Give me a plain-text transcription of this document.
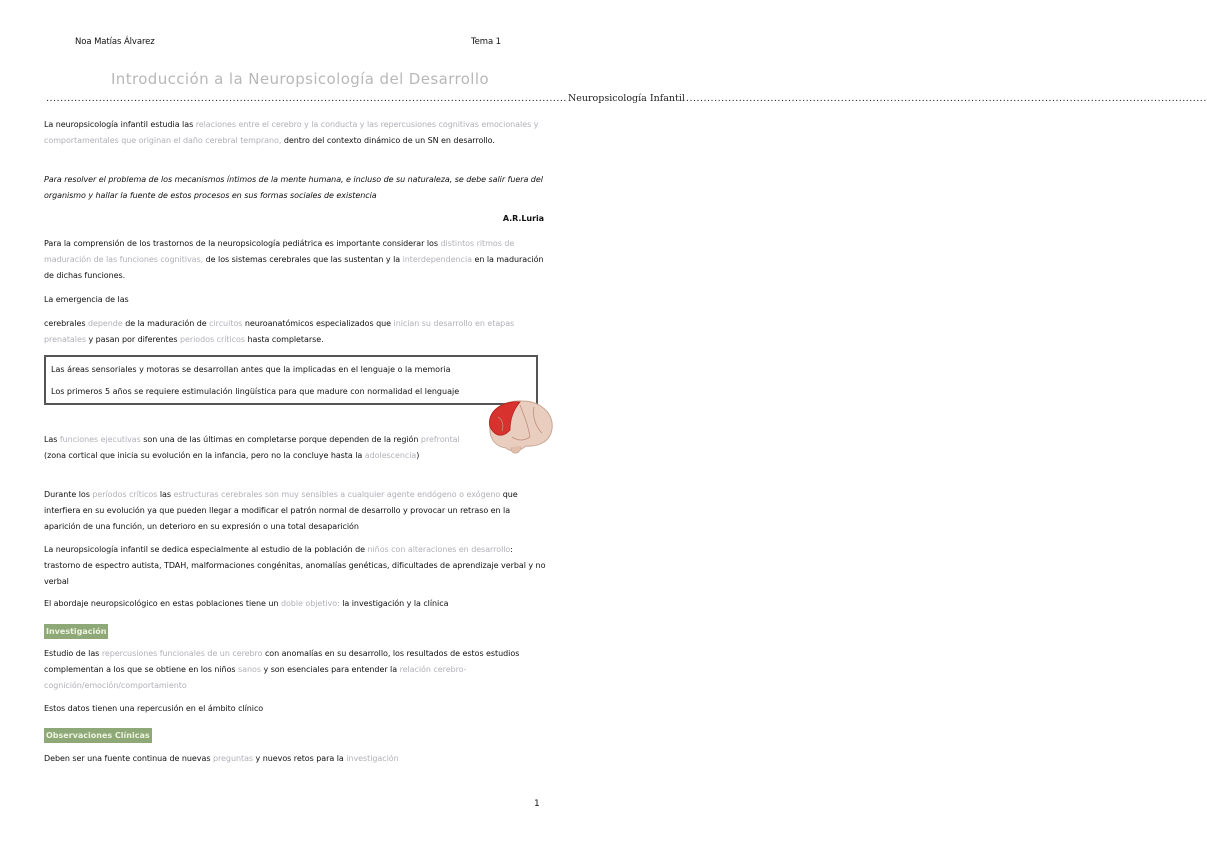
Noa Matías Álvarez	Tema 1
Introducción a la Neuropsicología del Desarrollo
.................................................................................................................................................... Neuropsicología Infantil ....................................................................................................................................................

La neuropsicología infantil estudia las relaciones entre el cerebro y la conducta y las repercusiones cognitivas emocionales y comportamentales que originan el daño cerebral temprano, dentro del contexto dinámico de un SN en desarrollo.

Para resolver el problema de los mecanismos íntimos de la mente humana, e incluso de su naturaleza, se debe salir fuera del organismo y hallar la fuente de estos procesos en sus formas sociales de existencia

A.R.Luria

Para la comprensión de los trastornos de la neuropsicología pediátrica es importante considerar los distintos ritmos de maduración de las funciones cognitivas, de los sistemas cerebrales que las sustentan y la interdependencia en la maduración de dichas funciones.

La emergencia de las

cerebrales depende de la maduración de circuitos neuroanatómicos especializados que inician su desarrollo en etapas prenatales y pasan por diferentes periodos críticos hasta completarse.

Las áreas sensoriales y motoras se desarrollan antes que la implicadas en el lenguaje o la memoria

Los primeros 5 años se requiere estimulación lingüística para que madure con normalidad el lenguaje

Las funciones ejecutivas son una de las últimas en completarse porque dependen de la región prefrontal (zona cortical que inicia su evolución en la infancia, pero no la concluye hasta la adolescencia)

Durante los períodos críticos las estructuras cerebrales son muy sensibles a cualquier agente endógeno o exógeno que interfiera en su evolución ya que pueden llegar a modificar el patrón normal de desarrollo y provocar un retraso en la aparición de una función, un deterioro en su expresión o una total desaparición

La neuropsicología infantil se dedica especialmente al estudio de la población de niños con alteraciones en desarrollo: trastorno de espectro autista, TDAH, malformaciones congénitas, anomalías genéticas, dificultades de aprendizaje verbal y no verbal

El abordaje neuropsicológico en estas poblaciones tiene un doble objetivo: la investigación y la clínica

Investigación

Estudio de las repercusiones funcionales de un cerebro con anomalías en su desarrollo, los resultados de estos estudios complementan a los que se obtiene en los niños sanos y son esenciales para entender la relación cerebro-cognición/emoción/comportamiento

Estos datos tienen una repercusión en el ámbito clínico

Observaciones Clínicas

Deben ser una fuente continua de nuevas preguntas y nuevos retos para la investigación

1
